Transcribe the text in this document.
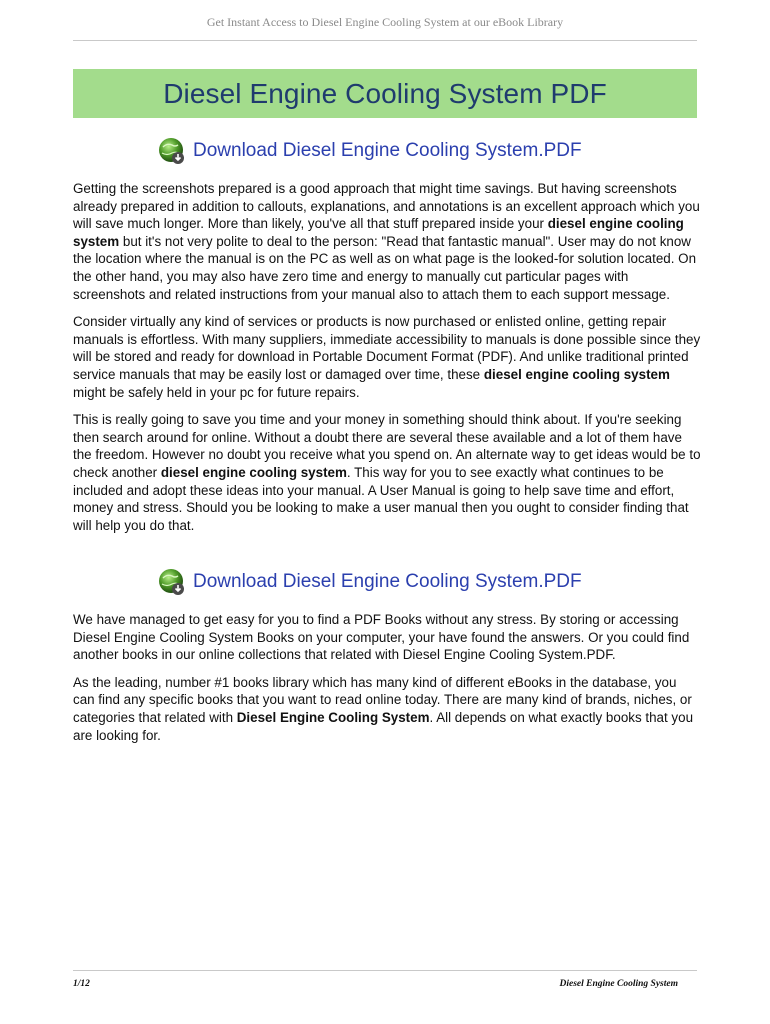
Get Instant Access to Diesel Engine Cooling System at our eBook Library
Diesel Engine Cooling System PDF
Download Diesel Engine Cooling System.PDF

Getting the screenshots prepared is a good approach that might time savings. But having screenshots already prepared in addition to callouts, explanations, and annotations is an excellent approach which you will save much longer. More than likely, you've all that stuff prepared inside your diesel engine cooling system but it's not very polite to deal to the person: "Read that fantastic manual". User may do not know the location where the manual is on the PC as well as on what page is the looked-for solution located. On the other hand, you may also have zero time and energy to manually cut particular pages with screenshots and related instructions from your manual also to attach them to each support message.

Consider virtually any kind of services or products is now purchased or enlisted online, getting repair manuals is effortless. With many suppliers, immediate accessibility to manuals is done possible since they will be stored and ready for download in Portable Document Format (PDF). And unlike traditional printed service manuals that may be easily lost or damaged over time, these diesel engine cooling system might be safely held in your pc for future repairs.

This is really going to save you time and your money in something should think about. If you're seeking then search around for online. Without a doubt there are several these available and a lot of them have the freedom. However no doubt you receive what you spend on. An alternate way to get ideas would be to check another diesel engine cooling system. This way for you to see exactly what continues to be included and adopt these ideas into your manual. A User Manual is going to help save time and effort, money and stress. Should you be looking to make a user manual then you ought to consider finding that will help you do that.

Download Diesel Engine Cooling System.PDF

We have managed to get easy for you to find a PDF Books without any stress. By storing or accessing Diesel Engine Cooling System Books on your computer, your have found the answers. Or you could find another books in our online collections that related with Diesel Engine Cooling System.PDF.

As the leading, number #1 books library which has many kind of different eBooks in the database, you can find any specific books that you want to read online today. There are many kind of brands, niches, or categories that related with Diesel Engine Cooling System. All depends on what exactly books that you are looking for.

1/12	Diesel Engine Cooling System
